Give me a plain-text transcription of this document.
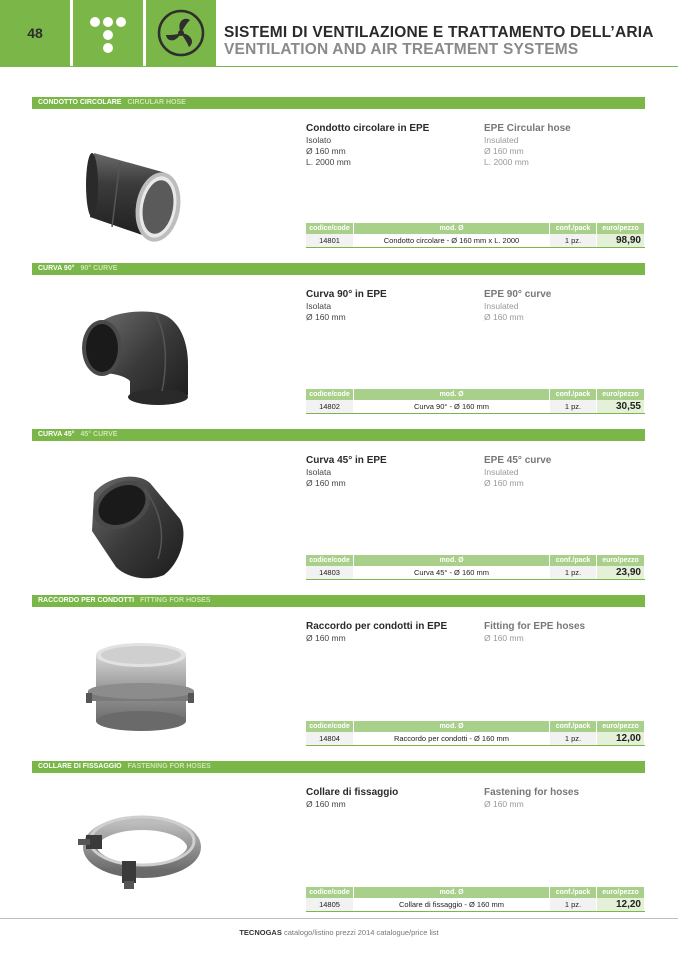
48	SISTEMI DI VENTILAZIONE E TRATTAMENTO DELL’ARIA
VENTILATION AND AIR TREATMENT SYSTEMS
CONDOTTO CIRCOLARE CIRCULAR HOSE
Condotto circolare in EPE
Isolato
Ø 160 mm
L. 2000 mm
EPE Circular hose
Insulated
Ø 160 mm
L. 2000 mm
codice/code	mod. Ø	conf./pack	euro/pezzo
14801	Condotto circolare - Ø 160 mm x L. 2000	1 pz.	98,90
CURVA 90° 90° CURVE
Curva 90° in EPE
Isolata
Ø 160 mm
EPE 90° curve
Insulated
Ø 160 mm
codice/code	mod. Ø	conf./pack	euro/pezzo
14802	Curva 90° - Ø 160 mm	1 pz.	30,55
CURVA 45° 45° CURVE
Curva 45° in EPE
Isolata
Ø 160 mm
EPE 45° curve
Insulated
Ø 160 mm
codice/code	mod. Ø	conf./pack	euro/pezzo
14803	Curva 45° - Ø 160 mm	1 pz.	23,90
RACCORDO PER CONDOTTI FITTING FOR HOSES
Raccordo per condotti in EPE
Ø 160 mm
Fitting for EPE hoses
Ø 160 mm
codice/code	mod. Ø	conf./pack	euro/pezzo
14804	Raccordo per condotti - Ø 160 mm	1 pz.	12,00
COLLARE DI FISSAGGIO FASTENING FOR HOSES
Collare di fissaggio
Ø 160 mm
Fastening for hoses
Ø 160 mm
codice/code	mod. Ø	conf./pack	euro/pezzo
14805	Collare di fissaggio - Ø 160 mm	1 pz.	12,20
TECNOGAS catalogo/listino prezzi 2014 catalogue/price list
